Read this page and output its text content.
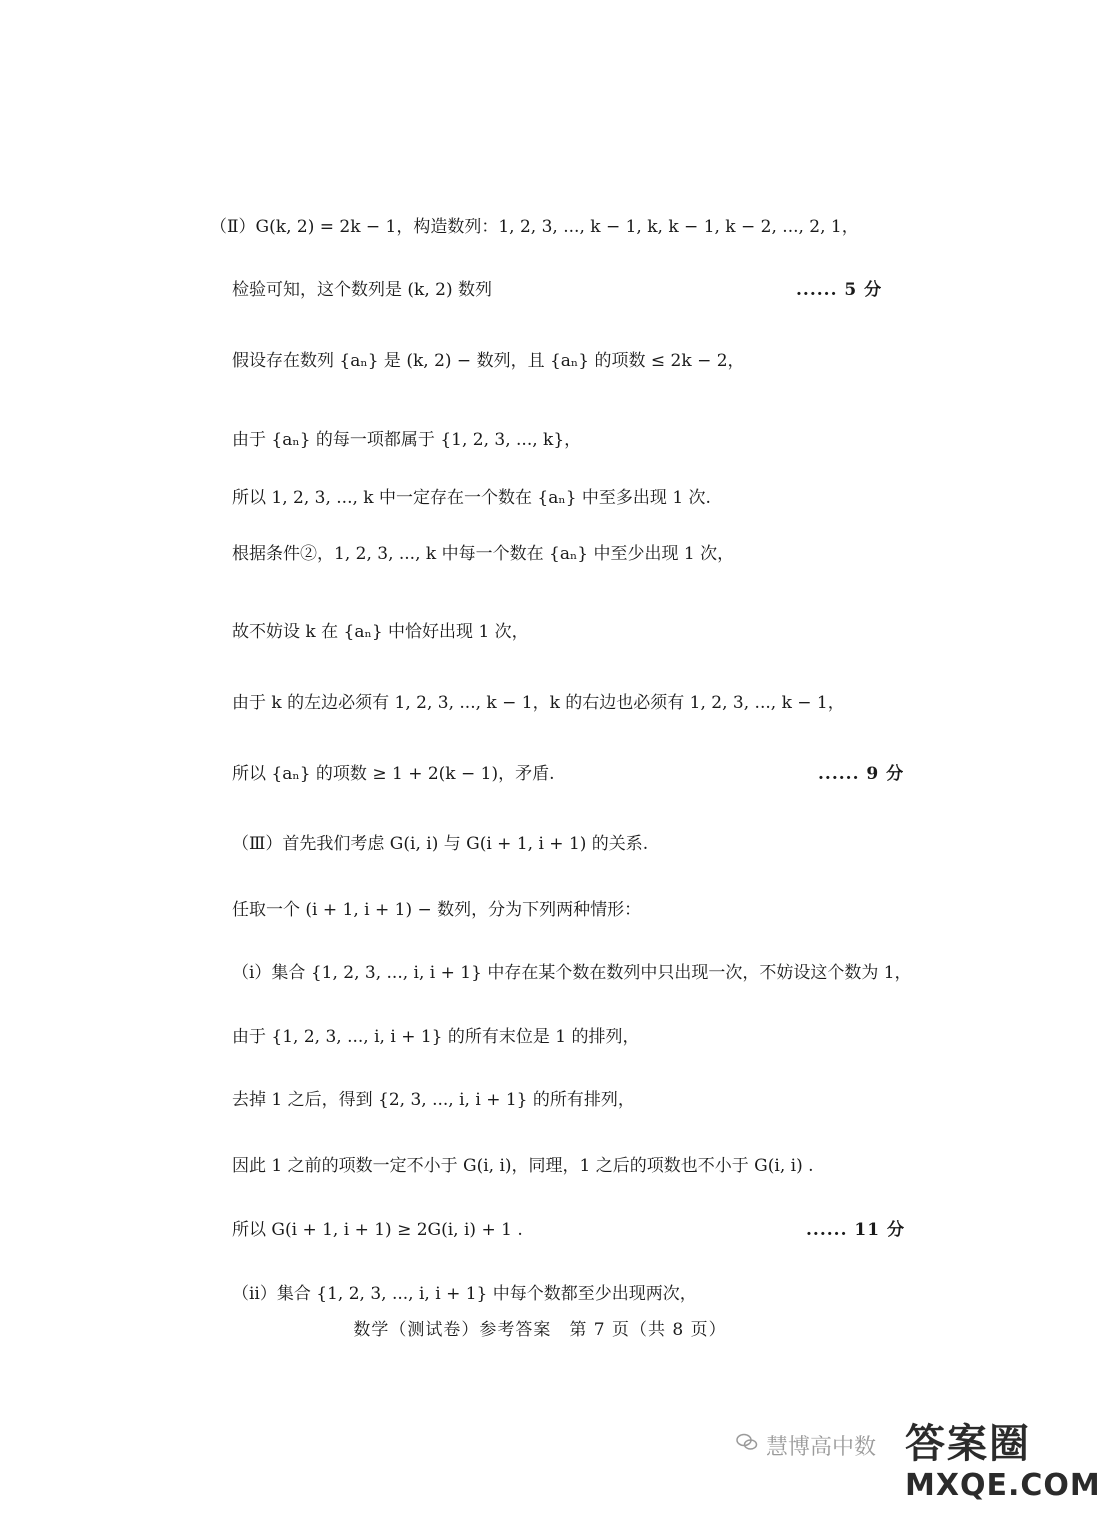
（Ⅱ）G(k, 2) = 2k − 1，构造数列：1, 2, 3, ..., k − 1, k, k − 1, k − 2, ..., 2, 1，
检验可知，这个数列是 (k, 2) 数列	...... 5 分
假设存在数列 {aₙ} 是 (k, 2) − 数列，且 {aₙ} 的项数 ≤ 2k − 2，
由于 {aₙ} 的每一项都属于 {1, 2, 3, ..., k}，
所以 1, 2, 3, ..., k 中一定存在一个数在 {aₙ} 中至多出现 1 次.
根据条件②，1, 2, 3, ..., k 中每一个数在 {aₙ} 中至少出现 1 次，
故不妨设 k 在 {aₙ} 中恰好出现 1 次，
由于 k 的左边必须有 1, 2, 3, ..., k − 1，k 的右边也必须有 1, 2, 3, ..., k − 1，
所以 {aₙ} 的项数 ≥ 1 + 2(k − 1)，矛盾.	...... 9 分
（Ⅲ）首先我们考虑 G(i, i) 与 G(i + 1, i + 1) 的关系.
任取一个 (i + 1, i + 1) − 数列，分为下列两种情形：
（i）集合 {1, 2, 3, ..., i, i + 1} 中存在某个数在数列中只出现一次，不妨设这个数为 1，
由于 {1, 2, 3, ..., i, i + 1} 的所有末位是 1 的排列，
去掉 1 之后，得到 {2, 3, ..., i, i + 1} 的所有排列，
因此 1 之前的项数一定不小于 G(i, i)，同理，1 之后的项数也不小于 G(i, i) .
所以 G(i + 1, i + 1) ≥ 2G(i, i) + 1 .	...... 11 分
（ii）集合 {1, 2, 3, ..., i, i + 1} 中每个数都至少出现两次，
数学（测试卷）参考答案　第 7 页（共 8 页）
慧博高中数 答案圈
MXQE.COM
